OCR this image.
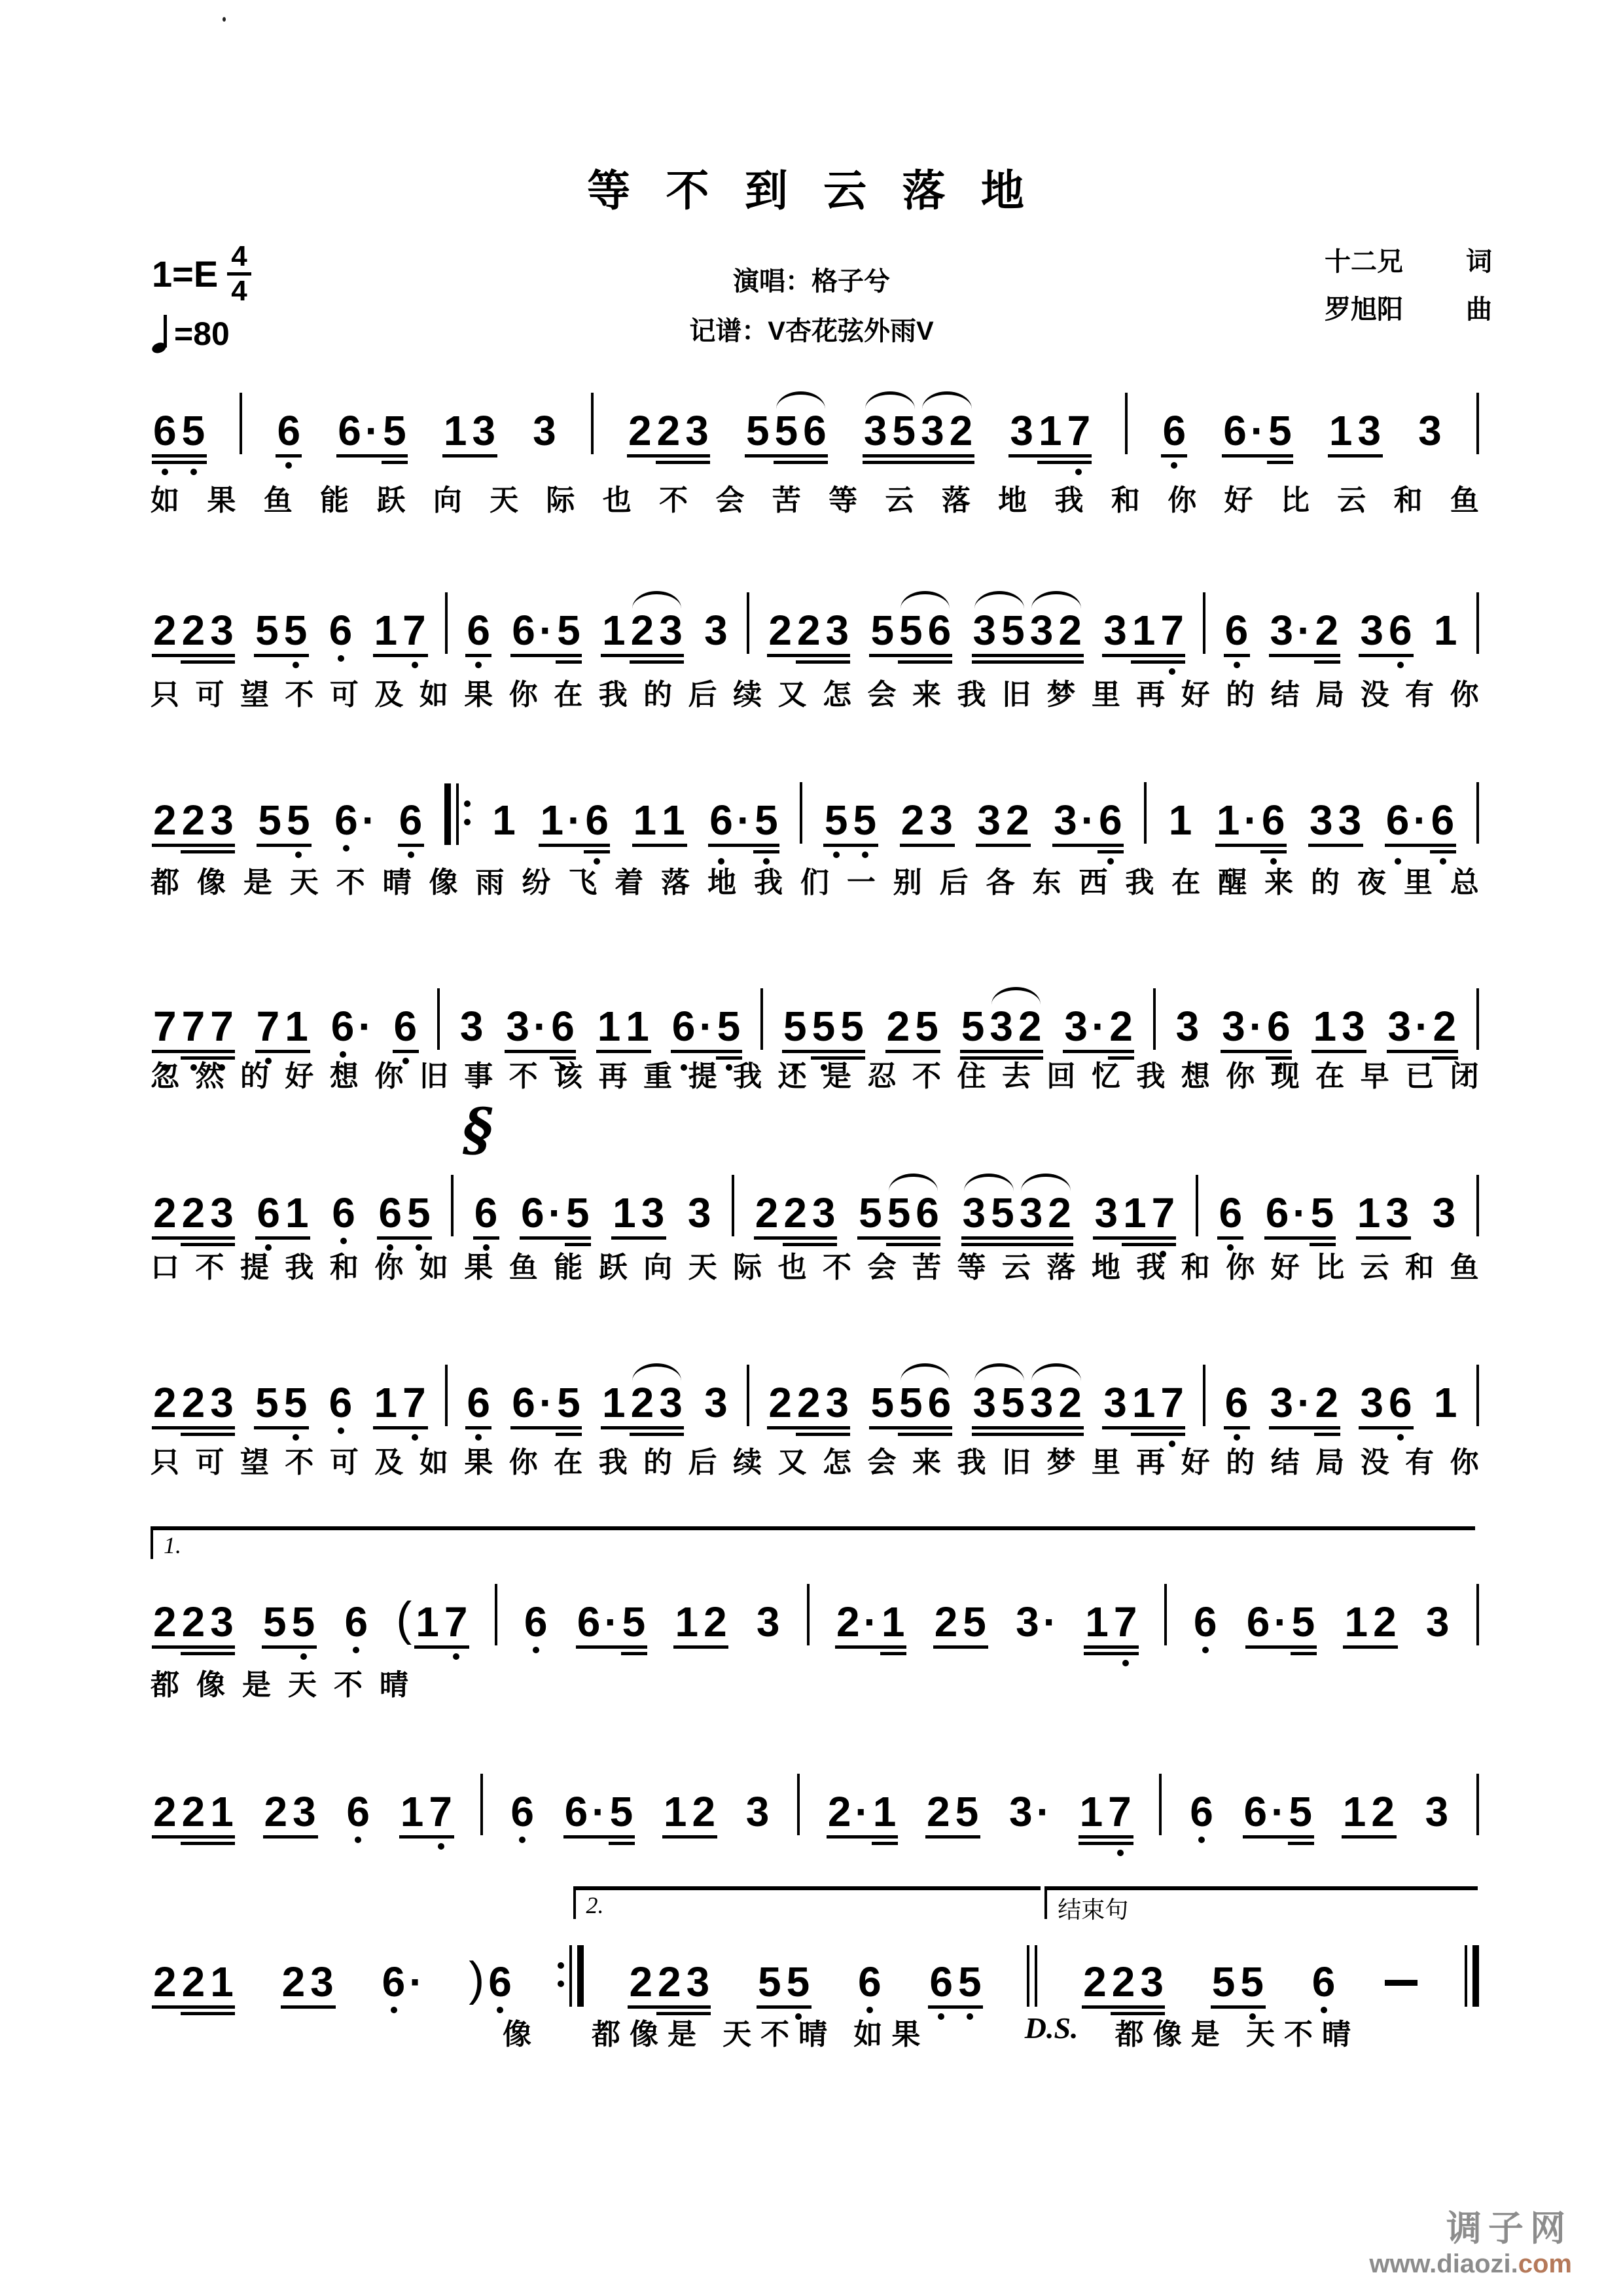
等 不 到 云 落 地
$1=E \frac{4}{4}$
=80
演唱：格子兮
记谱：V杏花弦外雨V
十二兄 词
罗旭阳 曲
6 5 6 6 · 5 1 3 3 2 2 3 5 5 6 3 5 3 2 3 1 7 6 6 · 5 1 3 3
如 果 鱼 能 跃 向 天 际 也 不 会 苦 等 云 落 地 我 和 你 好 比 云 和 鱼
2 2 3 5 5 6 1 7 6 6 · 5 1 2 3 3 2 2 3 5 5 6 3 5 3 2 3 1 7 6 3 · 2 3 6 1
只 可 望 不 可 及 如 果 你 在 我 的 后 续 又 怎 会 来 我 旧 梦 里 再 好 的 结 局 没 有 你
2 2 3 5 5 6 · 6 1 1 · 6 1 1 6 · 5 5 5 2 3 3 2 3 · 6 1 1 · 6 3 3 6 · 6
都 像 是 天 不 晴 像 雨 纷 飞 着 落 地 我 们 一 别 后 各 东 西 我 在 醒 来 的 夜 里 总
7 7 7 7 1 6 · 6 3 3 · 6 1 1 6 · 5 5 5 5 2 5 5 3 2 3 · 2 3 3 · 6 1 3 3 · 2
忽 然 的 好 想 你 旧 事 不 该 再 重 提 我 还 是 忍 不 住 去 回 忆 我 想 你 现 在 早 已 闭
§
2 2 3 6 1 6 6 5 6 6 · 5 1 3 3 2 2 3 5 5 6 3 5 3 2 3 1 7 6 6 · 5 1 3 3
口 不 提 我 和 你 如 果 鱼 能 跃 向 天 际 也 不 会 苦 等 云 落 地 我 和 你 好 比 云 和 鱼
2 2 3 5 5 6 1 7 6 6 · 5 1 2 3 3 2 2 3 5 5 6 3 5 3 2 3 1 7 6 3 · 2 3 6 1
只 可 望 不 可 及 如 果 你 在 我 的 后 续 又 怎 会 来 我 旧 梦 里 再 好 的 结 局 没 有 你
1.
2 2 3 5 5 6 ( 1 7 6 6 · 5 1 2 3 2 · 1 2 5 3 · 1 7 6 6 · 5 1 2 3
都 像 是 天 不 晴
2 2 1 2 3 6 1 7 6 6 · 5 1 2 3 2 · 1 2 5 3 · 1 7 6 6 · 5 1 2 3
2.	结束句
2 2 1 2 3 6 · ) 6	2 2 3 5 5 6 6 5 2 2 3 5 5 6
像 都像是 天不晴 如果	D.S. 都像是 天不晴
调子网
www.diaozi.com
